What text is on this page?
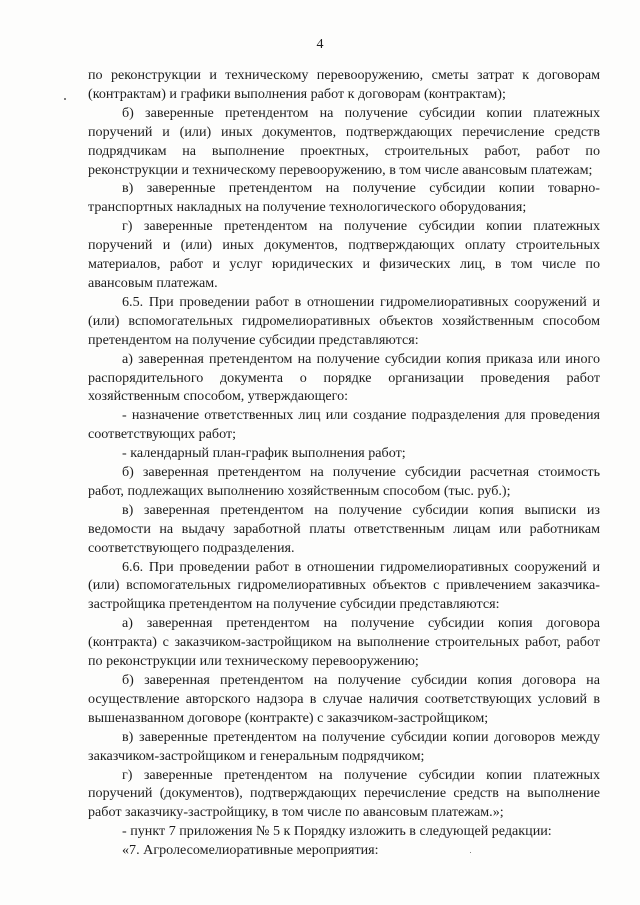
4

по реконструкции и техническому перевооружению, сметы затрат к договорам (контрактам) и графики выполнения работ к договорам (контрактам);

б) заверенные претендентом на получение субсидии копии платежных поручений и (или) иных документов, подтверждающих перечисление средств подрядчикам на выполнение проектных, строительных работ, работ по реконструкции и техническому перевооружению, в том числе авансовым платежам;

в) заверенные претендентом на получение субсидии копии товарно-транспортных накладных на получение технологического оборудования;

г) заверенные претендентом на получение субсидии копии платежных поручений и (или) иных документов, подтверждающих оплату строительных материалов, работ и услуг юридических и физических лиц, в том числе по авансовым платежам.

6.5. При проведении работ в отношении гидромелиоративных сооружений и (или) вспомогательных гидромелиоративных объектов хозяйственным способом претендентом на получение субсидии представляются:

а) заверенная претендентом на получение субсидии копия приказа или иного распорядительного документа о порядке организации проведения работ хозяйственным способом, утверждающего:

- назначение ответственных лиц или создание подразделения для проведения соответствующих работ;

- календарный план-график выполнения работ;

б) заверенная претендентом на получение субсидии расчетная стоимость работ, подлежащих выполнению хозяйственным способом (тыс. руб.);

в) заверенная претендентом на получение субсидии копия выписки из ведомости на выдачу заработной платы ответственным лицам или работникам соответствующего подразделения.

6.6. При проведении работ в отношении гидромелиоративных сооружений и (или) вспомогательных гидромелиоративных объектов с привлечением заказчика-застройщика претендентом на получение субсидии представляются:

а) заверенная претендентом на получение субсидии копия договора (контракта) с заказчиком-застройщиком на выполнение строительных работ, работ по реконструкции или техническому перевооружению;

б) заверенная претендентом на получение субсидии копия договора на осуществление авторского надзора в случае наличия соответствующих условий в вышеназванном договоре (контракте) с заказчиком-застройщиком;

в) заверенные претендентом на получение субсидии копии договоров между заказчиком-застройщиком и генеральным подрядчиком;

г) заверенные претендентом на получение субсидии копии платежных поручений (документов), подтверждающих перечисление средств на выполнение работ заказчику-застройщику, в том числе по авансовым платежам.»;

- пункт 7 приложения № 5 к Порядку изложить в следующей редакции:

«7. Агролесомелиоративные мероприятия:
